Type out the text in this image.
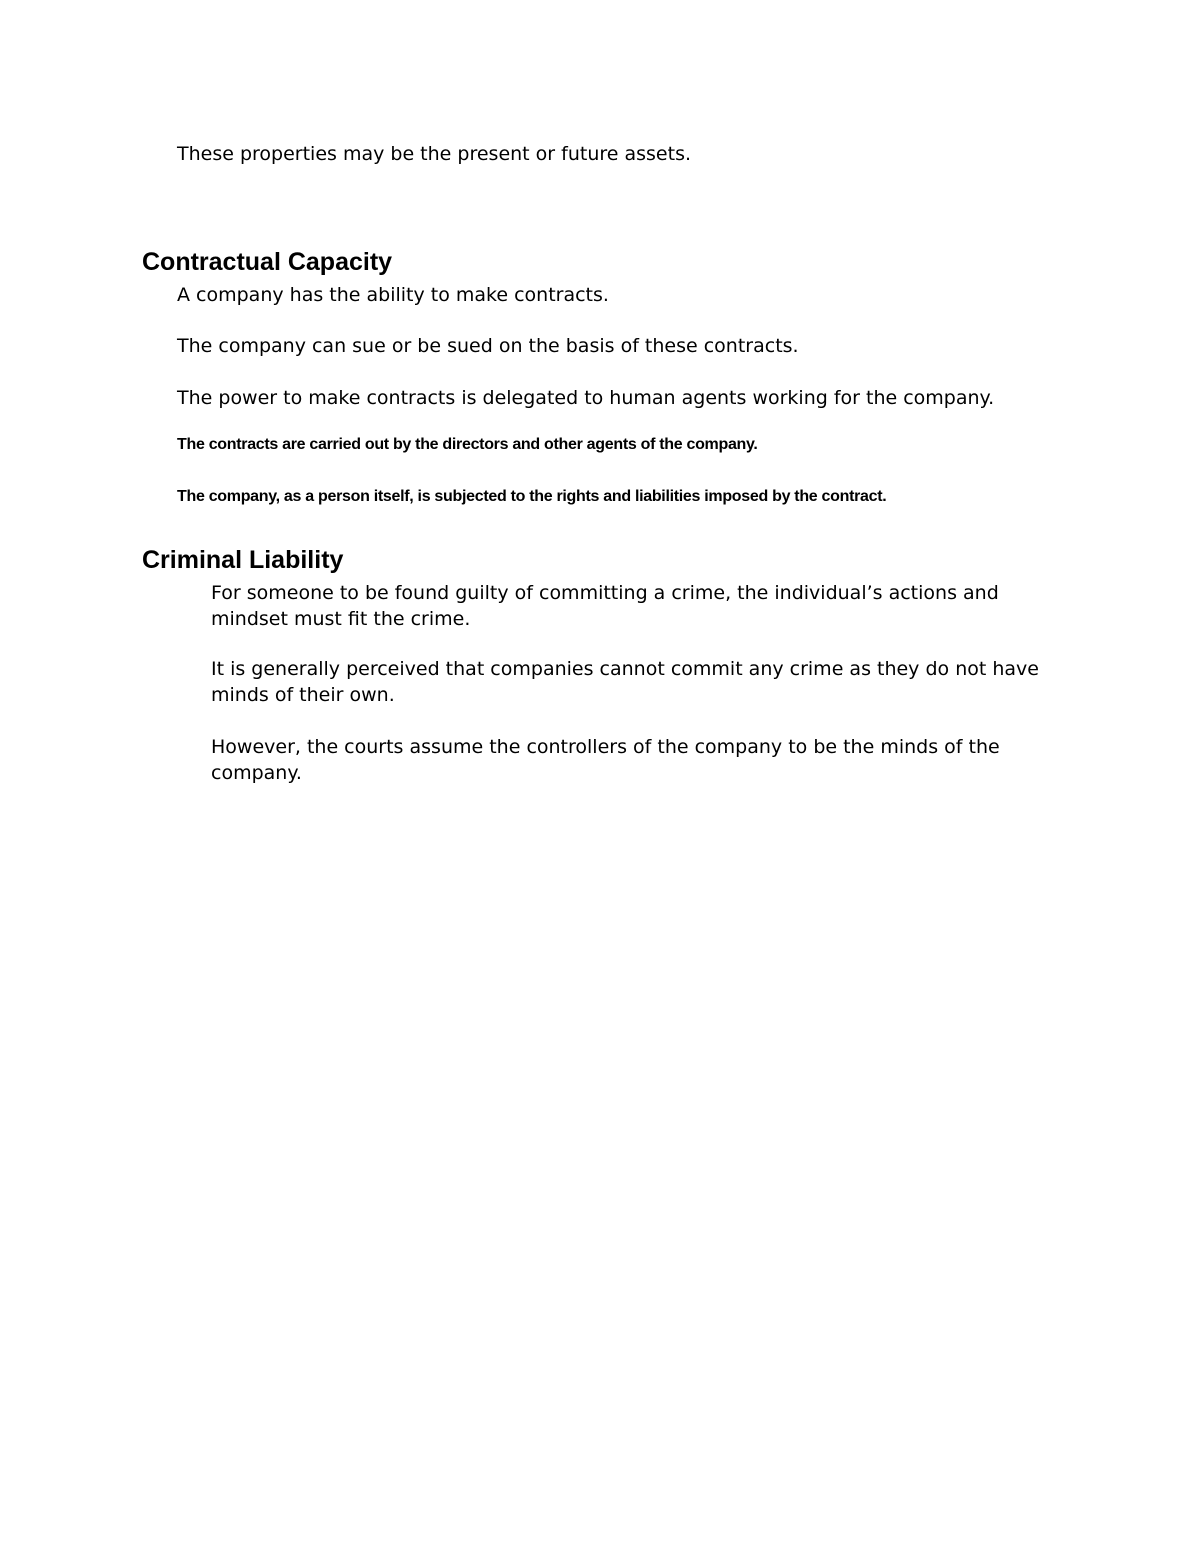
These properties may be the present or future assets.

Contractual Capacity

A company has the ability to make contracts.

The company can sue or be sued on the basis of these contracts.

The power to make contracts is delegated to human agents working for the company.

The contracts are carried out by the directors and other agents of the company.

The company, as a person itself, is subjected to the rights and liabilities imposed by the contract.

Criminal Liability

For someone to be found guilty of committing a crime, the individual’s actions and mindset must fit the crime.

It is generally perceived that companies cannot commit any crime as they do not have minds of their own.

However, the courts assume the controllers of the company to be the minds of the company.
